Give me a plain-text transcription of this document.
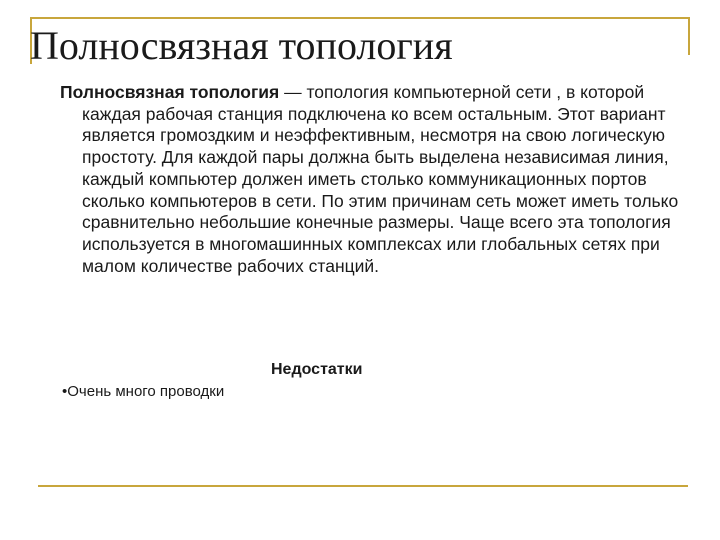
Полносвязная топология
Полносвязная топология — топология компьютерной сети , в которой каждая рабочая станция подключена ко всем остальным. Этот вариант является громоздким и неэффективным, несмотря на свою логическую простоту. Для каждой пары должна быть выделена независимая линия, каждый компьютер должен иметь столько коммуникационных портов сколько компьютеров в сети. По этим причинам сеть может иметь только сравнительно небольшие конечные размеры. Чаще всего эта топология используется в многомашинных комплексах или глобальных сетях при малом количестве рабочих станций.
Недостатки
•Очень много проводки
